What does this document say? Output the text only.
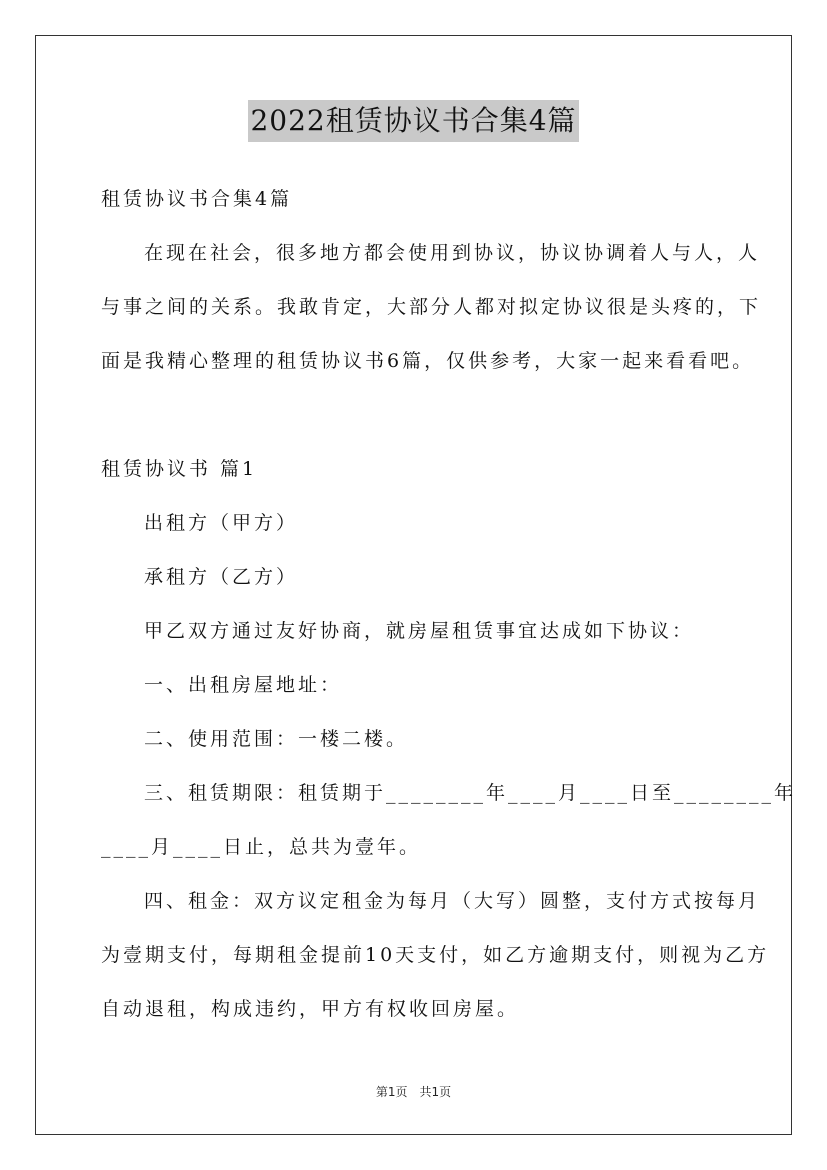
2022租赁协议书合集4篇
租赁协议书合集4篇
在现在社会，很多地方都会使用到协议，协议协调着人与人，人
与事之间的关系。我敢肯定，大部分人都对拟定协议很是头疼的，下
面是我精心整理的租赁协议书6篇，仅供参考，大家一起来看看吧。
租赁协议书 篇1
出租方（甲方）
承租方（乙方）
甲乙双方通过友好协商，就房屋租赁事宜达成如下协议：
一、出租房屋地址：
二、使用范围：一楼二楼。
三、租赁期限：租赁期于________年____月____日至________年
____月____日止，总共为壹年。
四、租金：双方议定租金为每月（大写）圆整，支付方式按每月
为壹期支付，每期租金提前10天支付，如乙方逾期支付，则视为乙方
自动退租，构成违约，甲方有权收回房屋。
第1页 共1页
